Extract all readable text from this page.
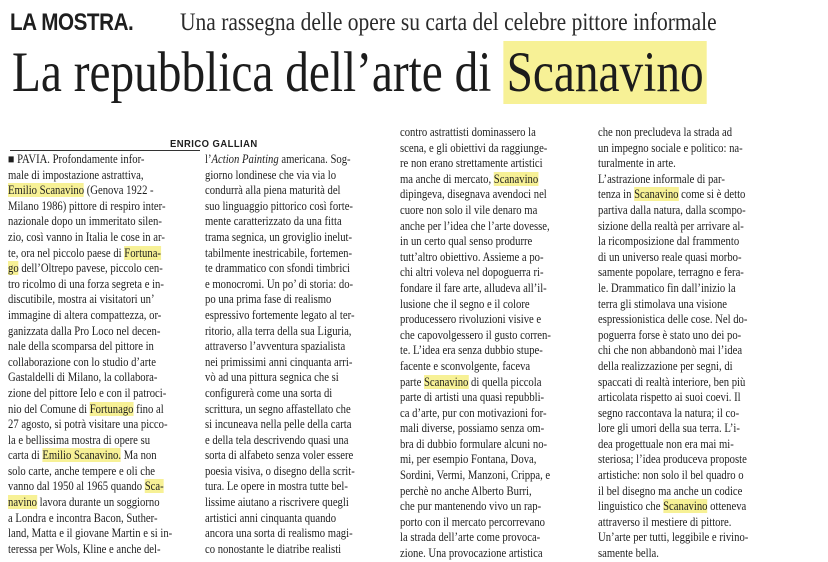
LA MOSTRA. Una rassegna delle opere su carta del celebre pittore informale
La repubblica dell’arte di Scanavino
ENRICO GALLIAN
■ PAVIA. Profondamente infor-
male di impostazione astrattiva,
Emilio Scanavino (Genova 1922 -
Milano 1986) pittore di respiro inter-
nazionale dopo un immeritato silen-
zio, così vanno in Italia le cose in ar-
te, ora nel piccolo paese di Fortuna-
go dell’Oltrepo pavese, piccolo cen-
tro ricolmo di una forza segreta e in-
discutibile, mostra ai visitatori un’
immagine di altera compattezza, or-
ganizzata dalla Pro Loco nel decen-
nale della scomparsa del pittore in
collaborazione con lo studio d’arte
Gastaldelli di Milano, la collabora-
zione del pittore Ielo e con il patroci-
nio del Comune di Fortunago fino al
27 agosto, si potrà visitare una picco-
la e bellissima mostra di opere su
carta di Emilio Scanavino. Ma non
solo carte, anche tempere e oli che
vanno dal 1950 al 1965 quando Sca-
navino lavora durante un soggiorno
a Londra e incontra Bacon, Suther-
land, Matta e il giovane Martin e si in-
teressa per Wols, Kline e anche del-
l’Action Painting americana. Sog-
giorno londinese che via via lo
condurrà alla piena maturità del
suo linguaggio pittorico così forte-
mente caratterizzato da una fitta
trama segnica, un groviglio inelut-
tabilmente inestricabile, fortemen-
te drammatico con sfondi timbrici
e monocromi. Un po’ di storia: do-
po una prima fase di realismo
espressivo fortemente legato al ter-
ritorio, alla terra della sua Liguria,
attraverso l’avventura spazialista
nei primissimi anni cinquanta arri-
vò ad una pittura segnica che si
configurerà come una sorta di
scrittura, un segno affastellato che
si incuneava nella pelle della carta
e della tela descrivendo quasi una
sorta di alfabeto senza voler essere
poesia visiva, o disegno della scrit-
tura. Le opere in mostra tutte bel-
lissime aiutano a riscrivere quegli
artistici anni cinquanta quando
ancora una sorta di realismo magi-
co nonostante le diatribe realisti
contro astrattisti dominassero la
scena, e gli obiettivi da raggiunge-
re non erano strettamente artistici
ma anche di mercato, Scanavino
dipingeva, disegnava avendoci nel
cuore non solo il vile denaro ma
anche per l’idea che l’arte dovesse,
in un certo qual senso produrre
tutt’altro obiettivo. Assieme a po-
chi altri voleva nel dopoguerra ri-
fondare il fare arte, alludeva all’il-
lusione che il segno e il colore
producessero rivoluzioni visive e
che capovolgessero il gusto corren-
te. L’idea era senza dubbio stupe-
facente e sconvolgente, faceva
parte Scanavino di quella piccola
parte di artisti una quasi repubbli-
ca d’arte, pur con motivazioni for-
mali diverse, possiamo senza om-
bra di dubbio formulare alcuni no-
mi, per esempio Fontana, Dova,
Sordini, Vermi, Manzoni, Crippa, e
perchè no anche Alberto Burri,
che pur mantenendo vivo un rap-
porto con il mercato percorrevano
la strada dell’arte come provoca-
zione. Una provocazione artistica
che non precludeva la strada ad
un impegno sociale e politico: na-
turalmente in arte.
L’astrazione informale di par-
tenza in Scanavino come si è detto
partiva dalla natura, dalla scompo-
sizione della realtà per arrivare al-
la ricomposizione dal frammento
di un universo reale quasi morbo-
samente popolare, terragno e fera-
le. Drammatico fin dall’inizio la
terra gli stimolava una visione
espressionistica delle cose. Nel do-
poguerra forse è stato uno dei po-
chi che non abbandonò mai l’idea
della realizzazione per segni, di
spaccati di realtà interiore, ben più
articolata rispetto ai suoi coevi. Il
segno raccontava la natura; il co-
lore gli umori della sua terra. L’i-
dea progettuale non era mai mi-
steriosa; l’idea produceva proposte
artistiche: non solo il bel quadro o
il bel disegno ma anche un codice
linguistico che Scanavino otteneva
attraverso il mestiere di pittore.
Un’arte per tutti, leggibile e rivino-
samente bella.
